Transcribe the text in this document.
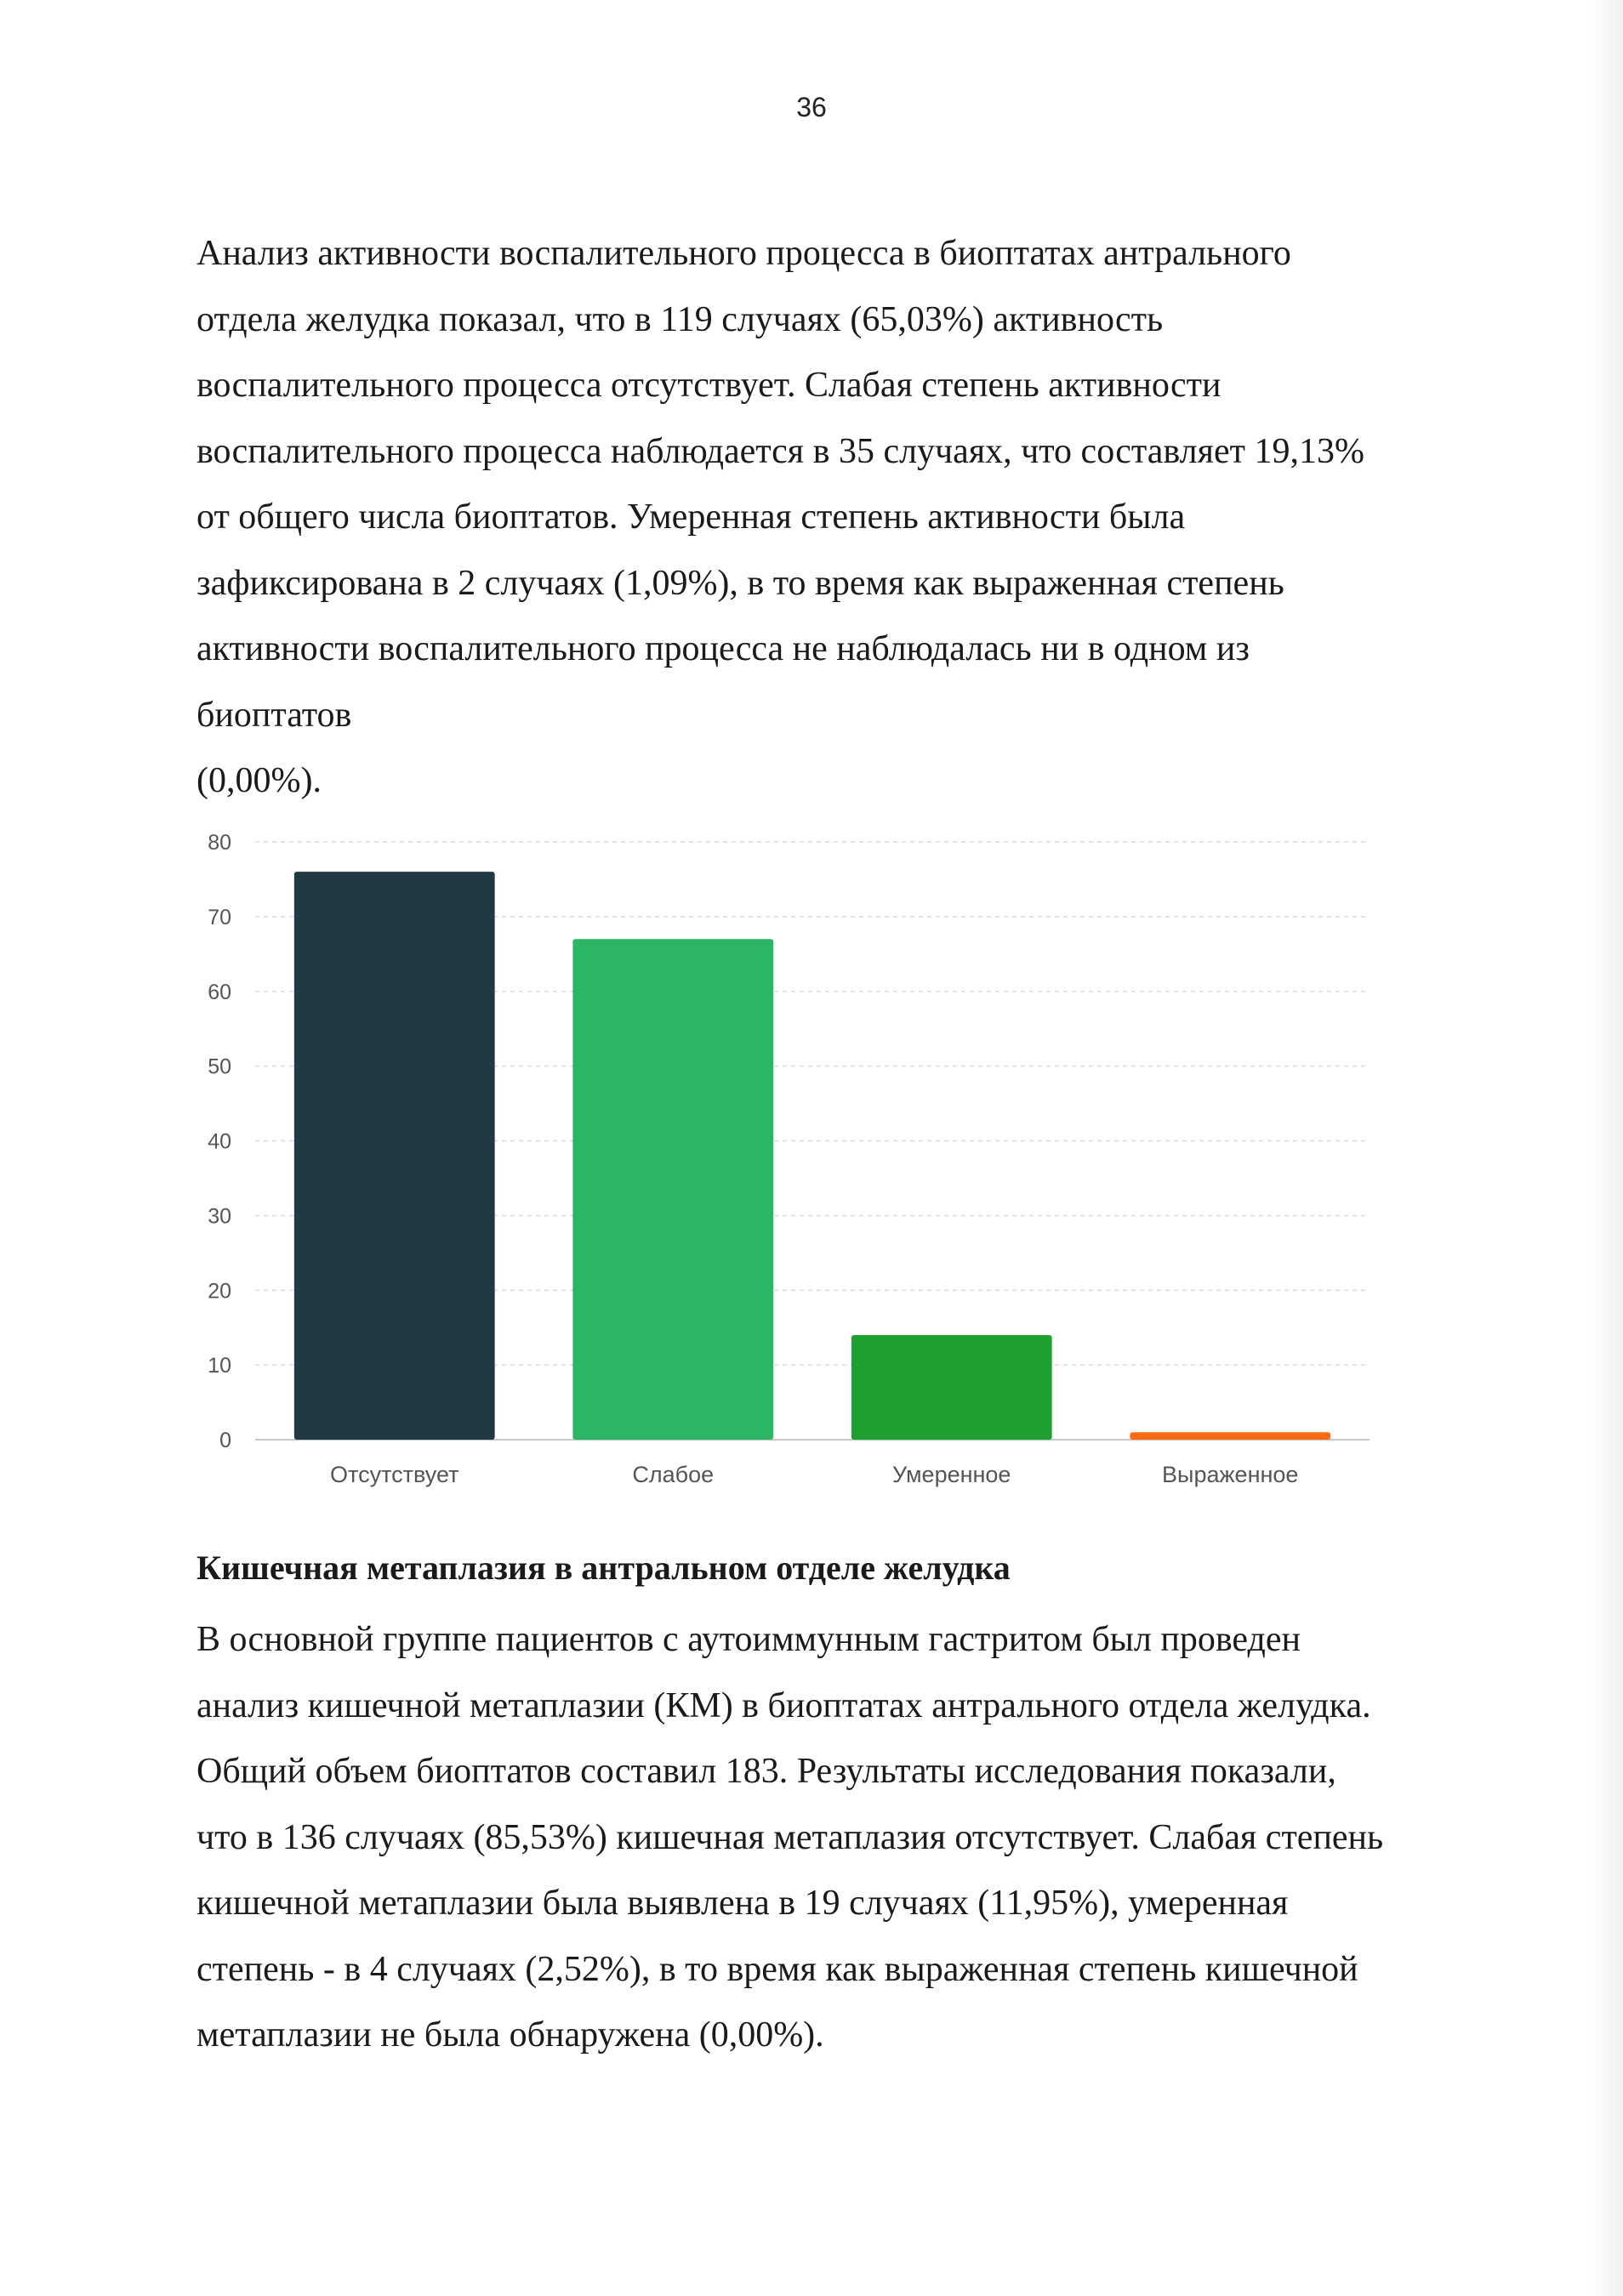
36

Анализ активности воспалительного процесса в биоптатах антрального
отдела желудка показал, что в 119 случаях (65,03%) активность
воспалительного процесса отсутствует. Слабая степень активности
воспалительного процесса наблюдается в 35 случаях, что составляет 19,13%
от общего числа биоптатов. Умеренная степень активности была
зафиксирована в 2 случаях (1,09%), в то время как выраженная степень
активности воспалительного процесса не наблюдалась ни в одном из
биоптатов
(0,00%).

0
10
20
30
40
50
60
70
80
Отсутствует	Слабое	Умеренное	Выраженное
Кишечная метаплазия в антральном отделе желудка

В основной группе пациентов с аутоиммунным гастритом был проведен
анализ кишечной метаплазии (КМ) в биоптатах антрального отдела желудка.
Общий объем биоптатов составил 183. Результаты исследования показали,
что в 136 случаях (85,53%) кишечная метаплазия отсутствует. Слабая степень
кишечной метаплазии была выявлена в 19 случаях (11,95%), умеренная
степень - в 4 случаях (2,52%), в то время как выраженная степень кишечной
метаплазии не была обнаружена (0,00%).
